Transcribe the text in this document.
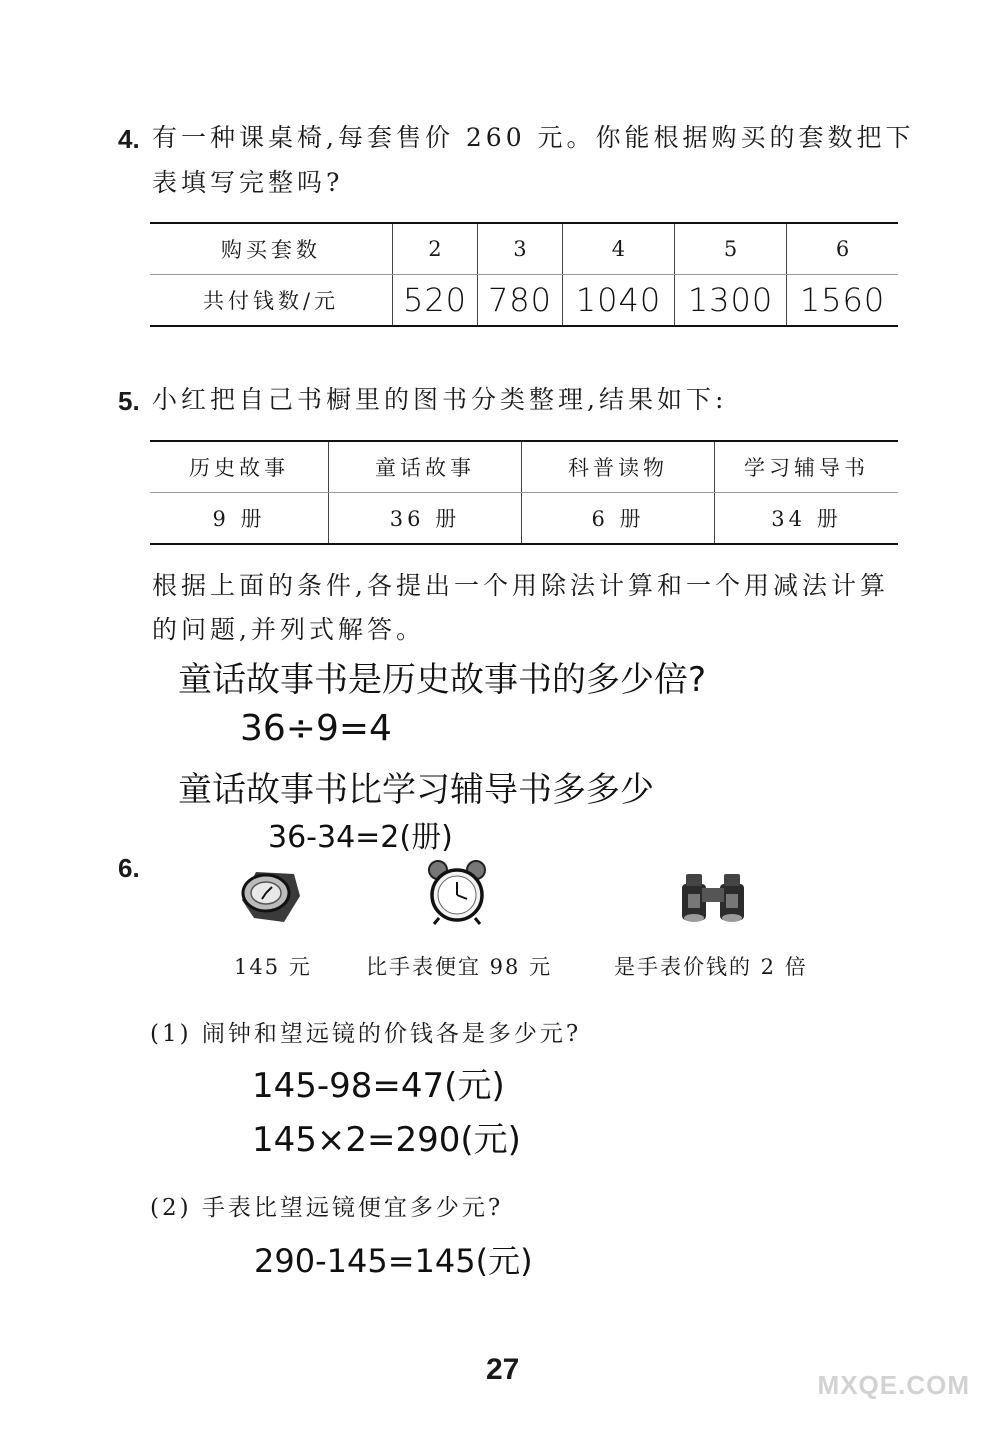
4. 有一种课桌椅,每套售价 260 元。你能根据购买的套数把下
表填写完整吗?
购买套数	2	3	4	5	6
共付钱数/元	520	780	1040	1300	1560
5. 小红把自己书橱里的图书分类整理,结果如下:
历史故事	童话故事	科普读物	学习辅导书
9 册	36 册	6 册	34 册
根据上面的条件,各提出一个用除法计算和一个用减法计算
的问题,并列式解答。
童话故事书是历史故事书的多少倍?
36÷9=4
童话故事书比学习辅导书多多少
36-34=2(册)
6.
145 元	比手表便宜 98 元	是手表价钱的 2 倍
(1) 闹钟和望远镜的价钱各是多少元?
145-98=47(元)
145×2=290(元)
(2) 手表比望远镜便宜多少元?
290-145=145(元)
27	MXQE.COM
